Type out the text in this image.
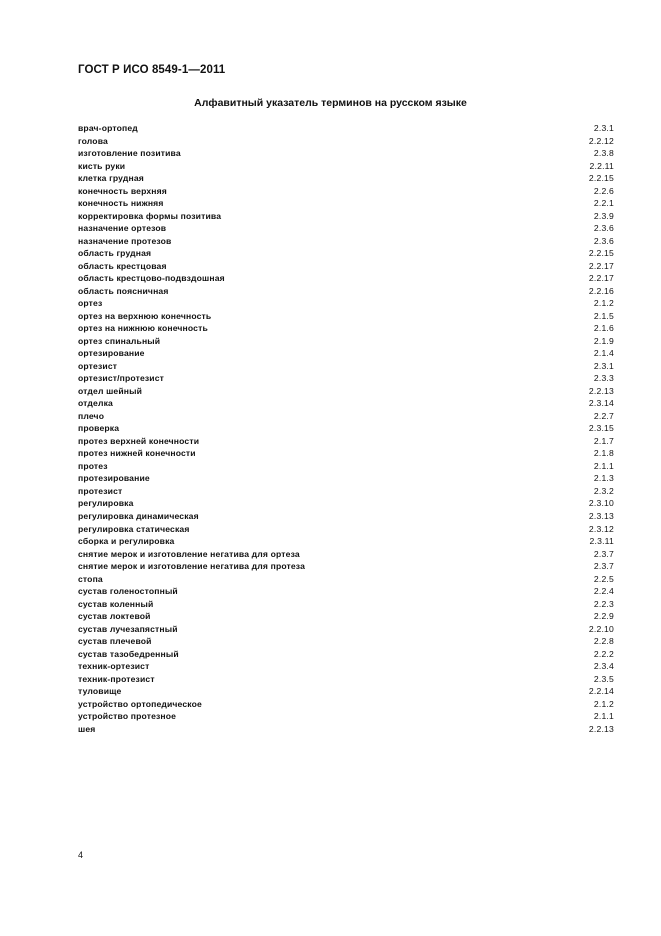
ГОСТ Р ИСО 8549-1—2011
Алфавитный указатель терминов на русском языке
врач-ортопед	2.3.1
голова	2.2.12
изготовление позитива	2.3.8
кисть руки	2.2.11
клетка грудная	2.2.15
конечность верхняя	2.2.6
конечность нижняя	2.2.1
корректировка формы позитива	2.3.9
назначение ортезов	2.3.6
назначение протезов	2.3.6
область грудная	2.2.15
область крестцовая	2.2.17
область крестцово-подвздошная	2.2.17
область поясничная	2.2.16
ортез	2.1.2
ортез на верхнюю конечность	2.1.5
ортез на нижнюю конечность	2.1.6
ортез спинальный	2.1.9
ортезирование	2.1.4
ортезист	2.3.1
ортезист/протезист	2.3.3
отдел шейный	2.2.13
отделка	2.3.14
плечо	2.2.7
проверка	2.3.15
протез верхней конечности	2.1.7
протез нижней конечности	2.1.8
протез	2.1.1
протезирование	2.1.3
протезист	2.3.2
регулировка	2.3.10
регулировка динамическая	2.3.13
регулировка статическая	2.3.12
сборка и регулировка	2.3.11
снятие мерок и изготовление негатива для ортеза	2.3.7
снятие мерок и изготовление негатива для протеза	2.3.7
стопа	2.2.5
сустав голеностопный	2.2.4
сустав коленный	2.2.3
сустав локтевой	2.2.9
сустав лучезапястный	2.2.10
сустав плечевой	2.2.8
сустав тазобедренный	2.2.2
техник-ортезист	2.3.4
техник-протезист	2.3.5
туловище	2.2.14
устройство ортопедическое	2.1.2
устройство протезное	2.1.1
шея	2.2.13
4
